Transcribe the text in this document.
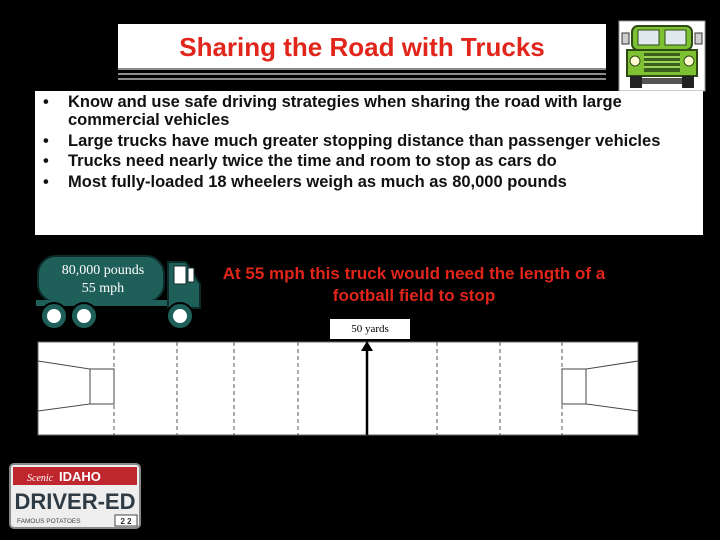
Sharing the Road with Trucks
• Know and use safe driving strategies when sharing the road with large commercial vehicles
• Large trucks have much greater stopping distance than passenger vehicles
• Trucks need nearly twice the time and room to stop as cars do
• Most fully-loaded 18 wheelers weigh as much as 80,000 pounds
80,000 pounds
55 mph
At 55 mph this truck would need the length of a football field to stop
50 yards
Scenic IDAHO
DRIVER-ED
FAMOUS POTATOES	2 2
